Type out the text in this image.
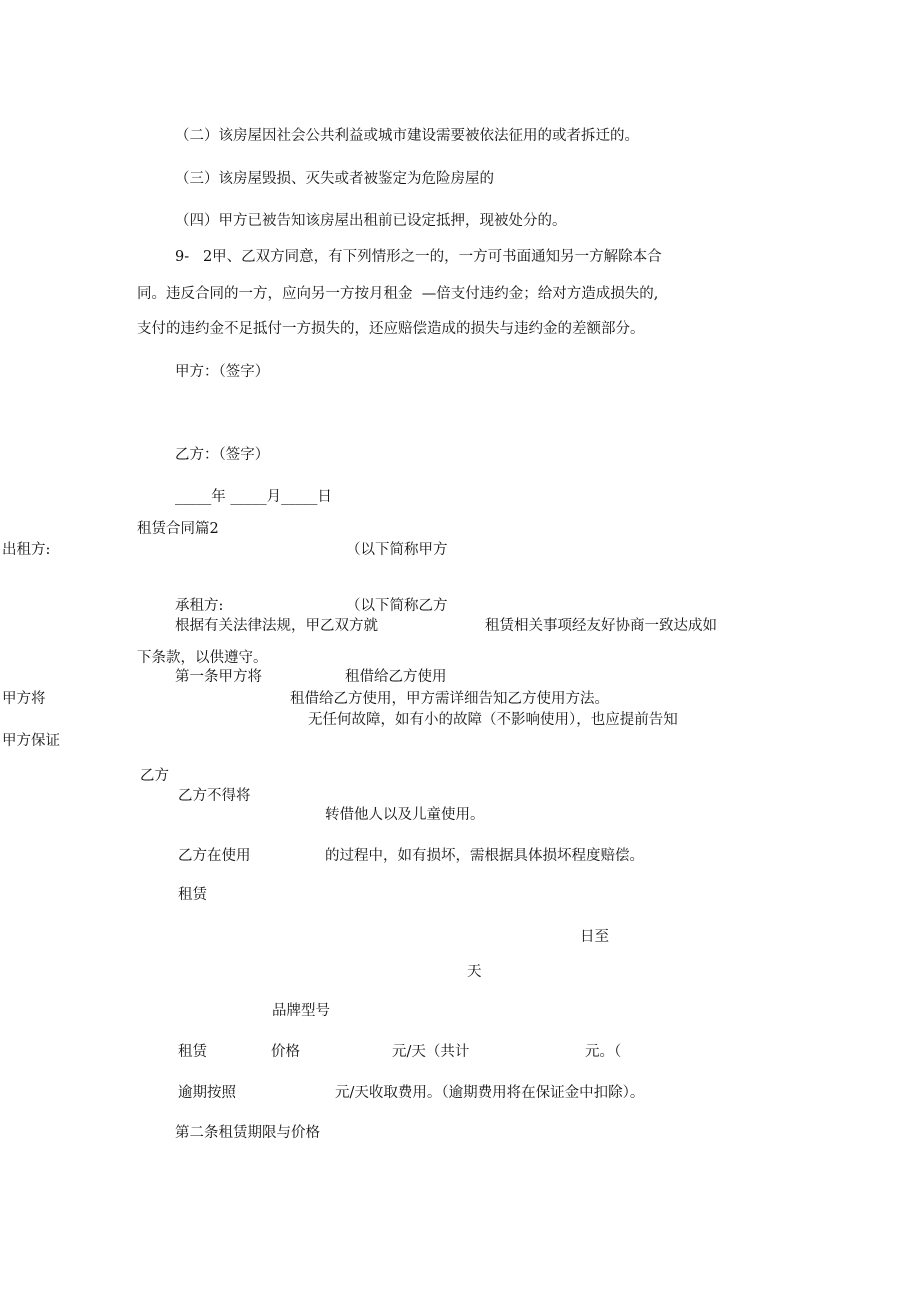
（二）该房屋因社会公共利益或城市建设需要被依法征用的或者拆迁的。
（三）该房屋毁损、灭失或者被鉴定为危险房屋的
（四）甲方已被告知该房屋出租前已设定抵押，现被处分的。
9-   2甲、乙双方同意，有下列情形之一的，一方可书面通知另一方解除本合
同。违反合同的一方，应向另一方按月租金  —倍支付违约金；给对方造成损失的,
支付的违约金不足抵付一方损失的，还应赔偿造成的损失与违约金的差额部分。
甲方：（签字）
乙方：（签字）
_____年 _____月_____日
租赁合同篇2
出租方:	（以下简称甲方
承租方:	（以下简称乙方
根据有关法律法规，甲乙双方就	租赁相关事项经友好协商一致达成如
下条款，以供遵守。
第一条甲方将	租借给乙方使用
甲方将	租借给乙方使用，甲方需详细告知乙方使用方法。
无任何故障，如有小的故障（不影响使用），也应提前告知
甲方保证
乙方
乙方不得将
转借他人以及儿童使用。
乙方在使用	的过程中，如有损坏，需根据具体损坏程度赔偿。
租赁
日至
天
品牌型号
租赁	价格	元/天（共计	元。（
逾期按照	元/天收取费用。（逾期费用将在保证金中扣除）。
第二条租赁期限与价格
